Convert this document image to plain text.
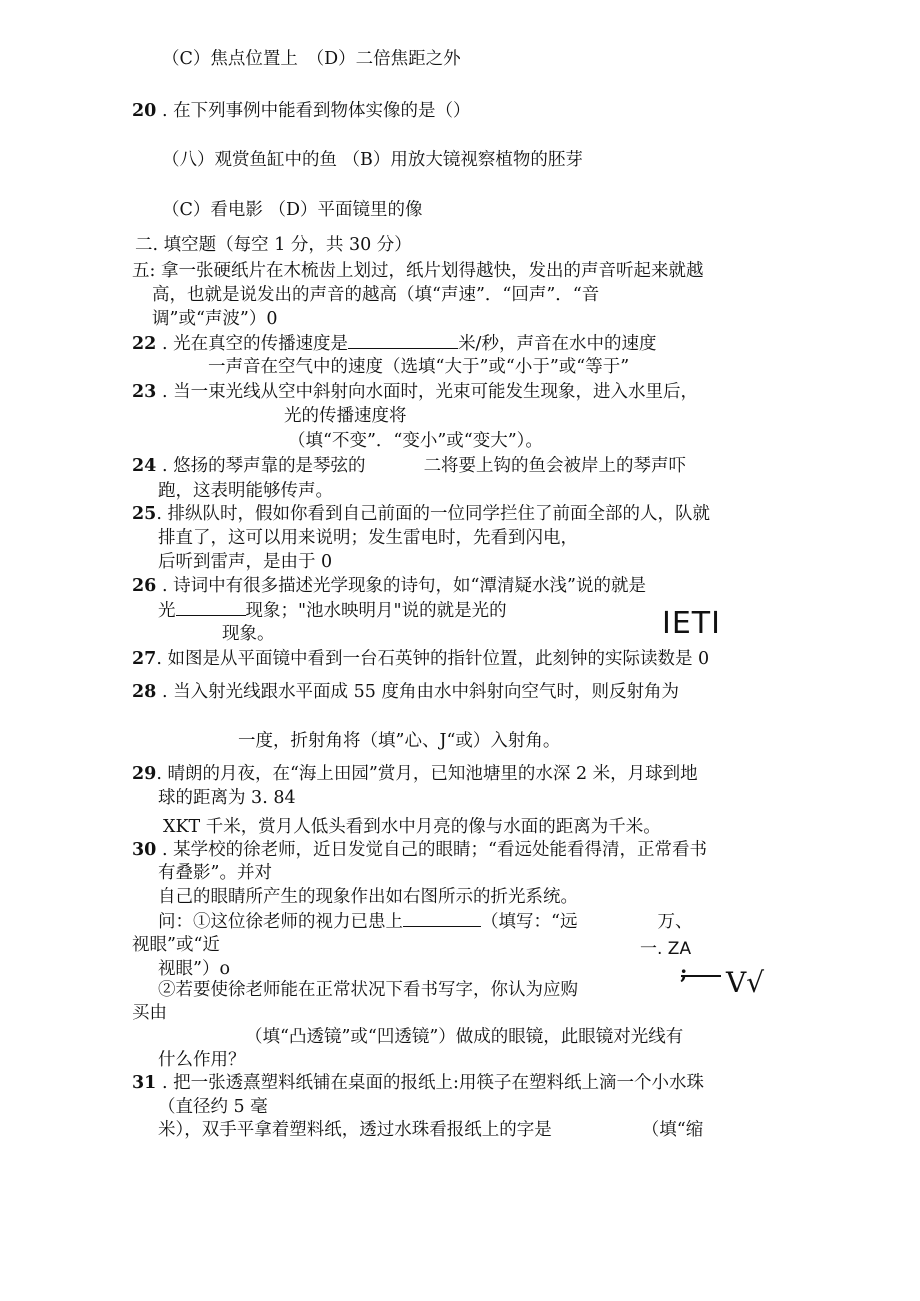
（C）焦点位置上　（D）二倍焦距之外
20 . 在下列事例中能看到物体实像的是（）
（八）观赏鱼缸中的鱼 （B）用放大镜视察植物的胚芽
（C）看电影 （D）平面镜里的像
二. 填空题（每空 1 分，共 30 分）
五: 拿一张硬纸片在木梳齿上划过，纸片划得越快，发出的声音听起来就越
高，也就是说发出的声音的越高（填“声速”．“回声”．“音
调”或“声波”）0
22 . 光在真空的传播速度是	米/秒，声音在水中的速度
一声音在空气中的速度（选填“大于”或“小于”或“等于”
23 . 当一束光线从空中斜射向水面时，光束可能发生现象，进入水里后，
光的传播速度将
（填“不变”．“变小”或“变大”）。
24 . 悠扬的琴声靠的是琴弦的	二将要上钩的鱼会被岸上的琴声吓
跑，这表明能够传声。
25. 排纵队时，假如你看到自己前面的一位同学拦住了前面全部的人，队就
排直了，这可以用来说明；发生雷电时，先看到闪电，
后听到雷声，是由于 0
26 . 诗词中有很多描述光学现象的诗句，如“潭清疑水浅”说的就是
光	现象；"池水映明月"说的就是光的
现象。	IETI
27. 如图是从平面镜中看到一台石英钟的指针位置，此刻钟的实际读数是 0
28 . 当入射光线跟水平面成 55 度角由水中斜射向空气时，则反射角为
一度，折射角将（填”心、J“或）入射角。
29. 晴朗的月夜，在“海上田园”赏月，已知池塘里的水深 2 米，月球到地
球的距离为 3. 84
XKT 千米，赏月人低头看到水中月亮的像与水面的距离为千米。
30 . 某学校的徐老师，近日发觉自己的眼睛；“看远处能看得清，正常看书
有叠影”。并对
自己的眼睛所产生的现象作出如右图所示的折光系统。
问：①这位徐老师的视力已患上	（填写：“远	万、
视眼”或“近
视眼”）o
②若要使徐老师能在正常状况下看书写字，你认为应购
买由
（填“凸透镜”或“凹透镜”）做成的眼镜，此眼镜对光线有
什么作用？
一. ZA
; V√
31 . 把一张透熹塑料纸铺在桌面的报纸上:用筷子在塑料纸上滴一个小水珠
（直径约 5 毫
米），双手平拿着塑料纸，透过水珠看报纸上的字是	（填“缩
